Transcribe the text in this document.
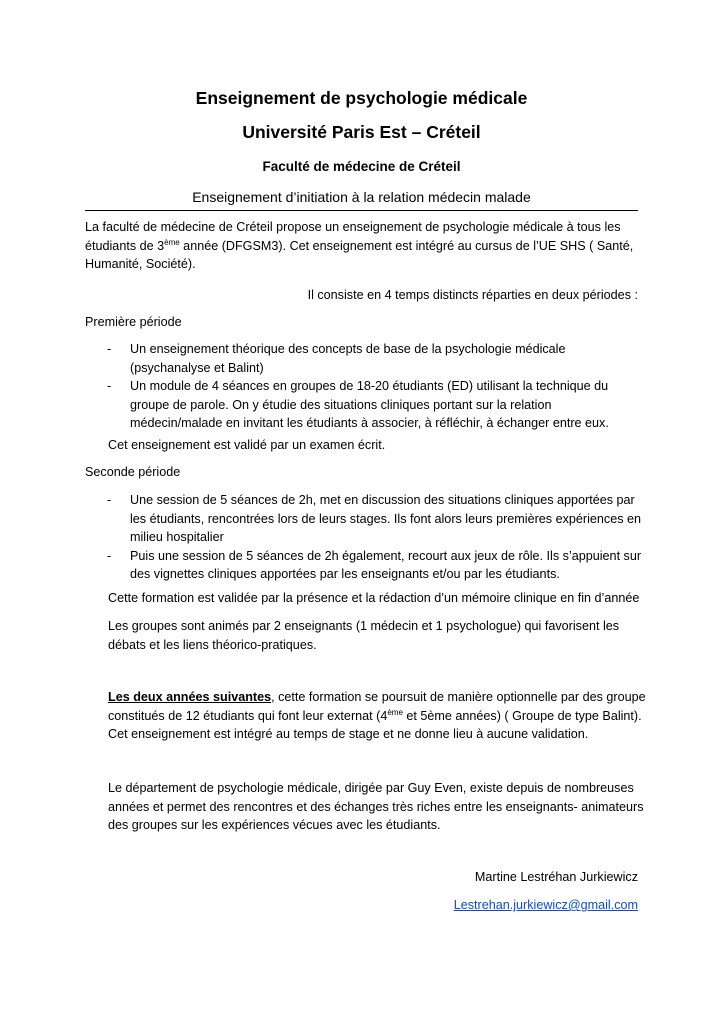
Enseignement de psychologie médicale
Université Paris Est – Créteil
Faculté de médecine de Créteil
Enseignement d’initiation à la relation médecin malade
La faculté de médecine de Créteil propose un enseignement de psychologie médicale à tous les étudiants de 3ème année (DFGSM3). Cet enseignement est intégré au cursus de l’UE SHS ( Santé, Humanité, Société).
Il consiste en 4 temps distincts réparties en deux périodes :
Première période
- Un enseignement théorique des concepts de base de la psychologie médicale (psychanalyse et Balint)
- Un module de 4 séances en groupes de 18-20 étudiants (ED) utilisant la technique du groupe de parole. On y étudie des situations cliniques portant sur la relation médecin/malade en invitant les étudiants à associer, à réfléchir, à échanger entre eux.
Cet enseignement est validé par un examen écrit.
Seconde période
- Une session de 5 séances de 2h, met en discussion des situations cliniques apportées par les étudiants, rencontrées lors de leurs stages. Ils font alors leurs premières expériences en milieu hospitalier
- Puis une session de 5 séances de 2h également, recourt aux jeux de rôle. Ils s’appuient sur des vignettes cliniques apportées par les enseignants et/ou par les étudiants.
Cette formation est validée par la présence et la rédaction d’un mémoire clinique en fin d’année
Les groupes sont animés par 2 enseignants (1 médecin et 1 psychologue) qui favorisent les débats et les liens théorico-pratiques.
Les deux années suivantes, cette formation se poursuit de manière optionnelle par des groupe constitués de 12 étudiants qui font leur externat (4ème et 5ème années) ( Groupe de type Balint). Cet enseignement est intégré au temps de stage et ne donne lieu à aucune validation.
Le département de psychologie médicale, dirigée par Guy Even, existe depuis de nombreuses années et permet des rencontres et des échanges très riches entre les enseignants- animateurs des groupes sur les expériences vécues avec les étudiants.
Martine Lestréhan Jurkiewicz
Lestrehan.jurkiewicz@gmail.com
